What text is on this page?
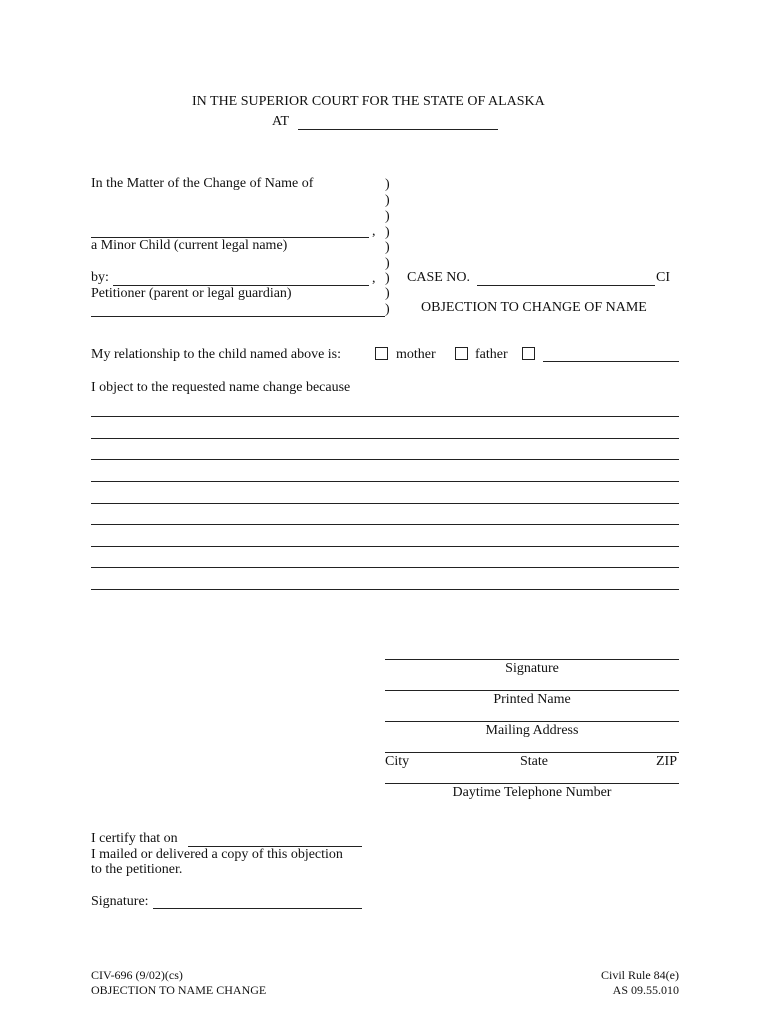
IN THE SUPERIOR COURT FOR THE STATE OF ALASKA
AT
In the Matter of the Change of Name of
,
a Minor Child (current legal name)
by:	,
Petitioner (parent or legal guardian)
)
)
)
)
)
)
)
)
)
CASE NO.	CI
OBJECTION TO CHANGE OF NAME
My relationship to the child named above is:	mother	father
I object to the requested name change because
Signature
Printed Name
Mailing Address
City	State	ZIP
Daytime Telephone Number
I certify that on
I mailed or delivered a copy of this objection
to the petitioner.
Signature:
CIV-696 (9/02)(cs)
OBJECTION TO NAME CHANGE
Civil Rule 84(e)
AS 09.55.010
